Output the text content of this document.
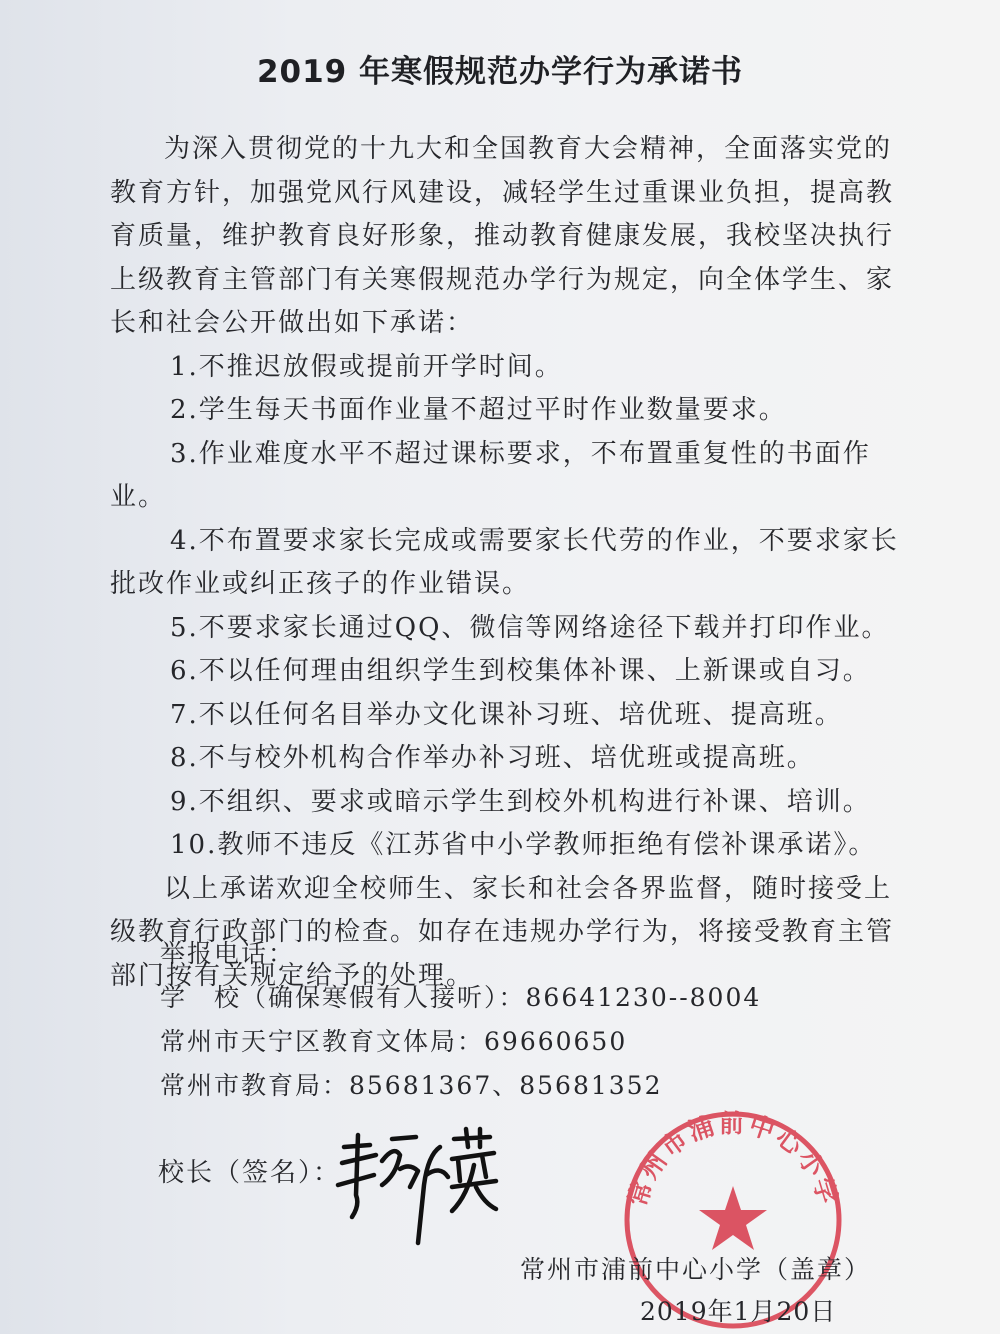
2019 年寒假规范办学行为承诺书

为深入贯彻党的十九大和全国教育大会精神，全面落实党的教育方针，加强党风行风建设，减轻学生过重课业负担，提高教育质量，维护教育良好形象，推动教育健康发展，我校坚决执行上级教育主管部门有关寒假规范办学行为规定，向全体学生、家长和社会公开做出如下承诺：

1.不推迟放假或提前开学时间。

2.学生每天书面作业量不超过平时作业数量要求。

3.作业难度水平不超过课标要求，不布置重复性的书面作业。

4.不布置要求家长完成或需要家长代劳的作业，不要求家长批改作业或纠正孩子的作业错误。

5.不要求家长通过QQ、微信等网络途径下载并打印作业。

6.不以任何理由组织学生到校集体补课、上新课或自习。

7.不以任何名目举办文化课补习班、培优班、提高班。

8.不与校外机构合作举办补习班、培优班或提高班。

9.不组织、要求或暗示学生到校外机构进行补课、培训。

10.教师不违反《江苏省中小学教师拒绝有偿补课承诺》。

以上承诺欢迎全校师生、家长和社会各界监督，随时接受上级教育行政部门的检查。如存在违规办学行为，将接受教育主管部门按有关规定给予的处理。

举报电话：

学　校（确保寒假有人接听）：86641230--8004

常州市天宁区教育文体局：69660650

常州市教育局：85681367、85681352

校长（签名）：
常州市浦前中心小学
常州市浦前中心小学（盖章）
2019年1月20日
